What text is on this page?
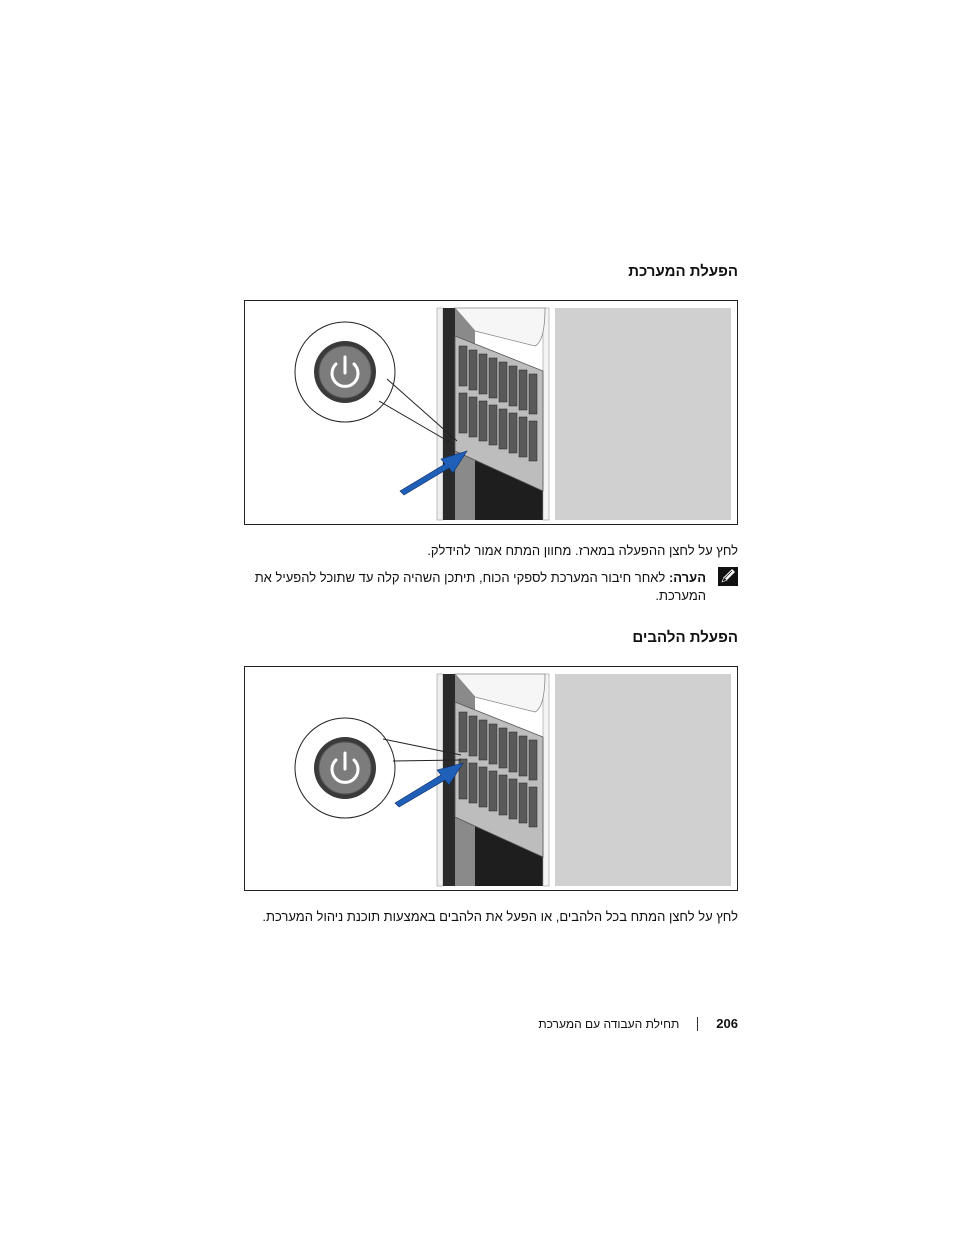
הפעלת המערכת
לחץ על לחצן ההפעלה במארז. מחוון המתח אמור להידלק.
הערה: לאחר חיבור המערכת לספקי הכוח, תיתכן השהיה קלה עד שתוכל להפעיל את המערכת.
הפעלת הלהבים
לחץ על לחצן המתח בכל הלהבים, או הפעל את הלהבים באמצעות תוכנת ניהול המערכת.
תחילת העבודה עם המערכת	206
